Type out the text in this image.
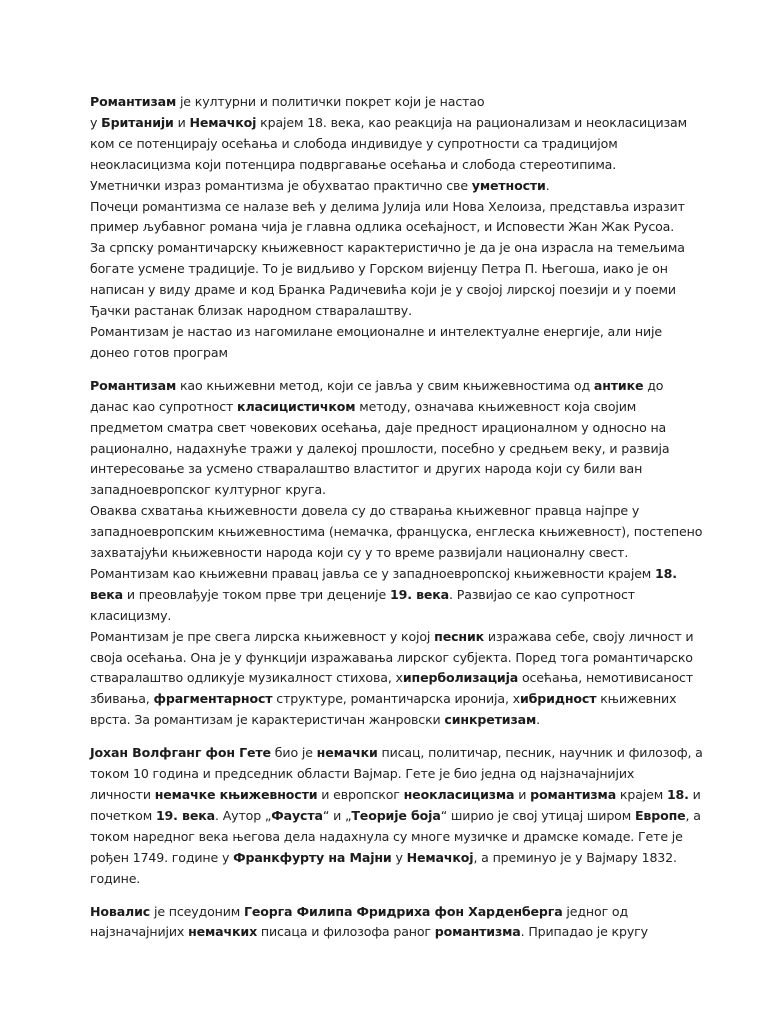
Романтизам је културни и политички покрет који је настао
у Британији и Немачкој крајем 18. века, као реакција на рационализам и неокласицизам
ком се потенцирају осећања и слобода индивидуе у супротности са традицијом
неокласицизма који потенцира подвргавање осећања и слобода стереотипима.
Уметнички израз романтизма је обухватао практично све уметности.
Почеци романтизма се налазе већ у делима Јулија или Нова Хелоиза, представља изразит
пример љубавног романа чија је главна одлика осећајност, и Исповести Жан Жак Русоа.
За српску романтичарску књижевност карактеристично је да је она израсла на темељима
богате усмене традиције. То је видљиво у Горском вијенцу Петра П. Његоша, иако је он
написан у виду драме и код Бранка Радичевића који је у својој лирској поезији и у поеми
Ђачки растанак близак народном стваралаштву.
Романтизам је настао из нагомилане емоционалне и интелектуалне енергије, али није
донео готов програм
Романтизам као књижевни метод, који се јавља у свим књижевностима од антике до
данас као супротност класицистичком методу, означава књижевност која својим
предметом сматра свет човекових осећања, даје предност ирационалном у односно на
рационално, надахнуће тражи у далекој прошлости, посебно у средњем веку, и развија
интересовање за усмено стваралаштво властитог и других народа који су били ван
западноевропског културног круга.
Оваква схватања књижевности довела су до стварања књижевног правца најпре у
западноевропским књижевностима (немачка, француска, енглеска књижевност), постепено
захватајући књижевности народа који су у то време развијали националну свест.
Романтизам као књижевни правац јавља се у западноевропској књижевности крајем 18.
века и преовлађује током прве три деценије 19. века. Развијао се као супротност
класицизму.
Романтизам је пре свега лирска књижевност у којој песник изражава себе, своју личност и
своја осећања. Она је у функцији изражавања лирског субјекта. Поред тога романтичарско
стваралаштво одликује музикалност стихова, хиперболизација осећања, немотивисаност
збивања, фрагментарност структуре, романтичарска иронија, хибридност књижевних
врста. За романтизам је карактеристичан жанровски синкретизам.
Јохан Волфганг фон Гете био је немачки писац, политичар, песник, научник и филозоф, а
током 10 година и председник области Вајмар. Гете је био једна од најзначајнијих
личности немачке књижевности и европског неокласицизма и романтизма крајем 18. и
почетком 19. века. Аутор „Фауста“ и „Теорије боја“ ширио је свој утицај широм Европе, а
током наредног века његова дела надахнула су многе музичке и драмске комаде. Гете је
рођен 1749. године у Франкфурту на Мајни у Немачкој, а преминуо је у Вајмару 1832.
године.
Новалис је псеудоним Георга Филипа Фридриха фон Харденберга једног од
најзначајнијих немачких писаца и филозофа раног романтизма. Припадао је кругу
